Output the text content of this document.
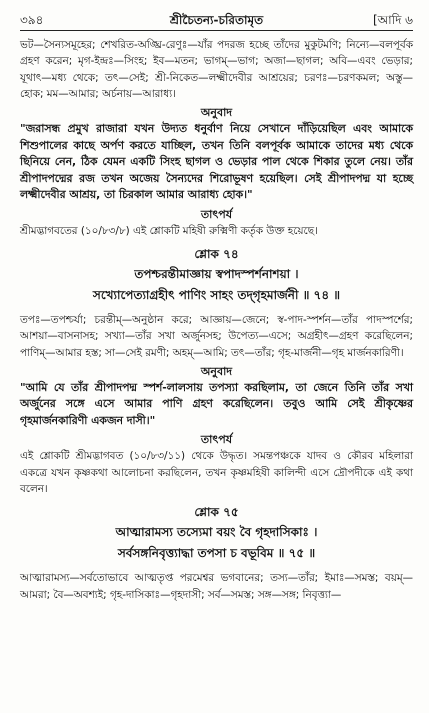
৩৯৪	শ্রীচৈতন্য-চরিতামৃত	[আদি ৬

ভট—সৈন্যসমূহের; শেখরিত-অঙ্ঘ্রি-রেণুঃ—যাঁর পদরজ হচ্ছে তাঁদের মুকুটমণি; নিন্যে—বলপূর্বক গ্রহণ করেন; মৃগ-ইন্দ্রঃ—সিংহ; ইব—মতন; ভাগম্—ভাগ; অজা—ছাগল; অবি—এবং ভেড়ার; যূথাৎ—মধ্য থেকে; তৎ—সেই; শ্রী-নিকেত—লক্ষ্মীদেবীর আশ্রয়ের; চরণঃ—চরণকমল; অস্তু—হোক; মম—আমার; অর্চনায়—আরাধ্য।

অনুবাদ

"জরাসন্ধ প্রমুখ রাজারা যখন উদ্যত ধনুর্বাণ নিয়ে সেখানে দাঁড়িয়েছিল এবং আমাকে শিশুপালের কাছে অর্পণ করতে যাচ্ছিল, তখন তিনি বলপূর্বক আমাকে তাদের মধ্য থেকে ছিনিয়ে নেন, ঠিক যেমন একটি সিংহ ছাগল ও ভেড়ার পাল থেকে শিকার তুলে নেয়। তাঁর শ্রীপাদপদ্মের রজ তখন অজেয় সৈন্যদের শিরোভূষণ হয়েছিল। সেই শ্রীপাদপদ্ম যা হচ্ছে লক্ষ্মীদেবীর আশ্রয়, তা চিরকাল আমার আরাধ্য হোক।"

তাৎপর্য

শ্রীমদ্ভাগবতের (১০/৮৩/৮) এই শ্লোকটি মহিষী রুক্মিণী কর্তৃক উক্ত হয়েছে।

শ্লোক ৭৪

তপশ্চরন্তীমাজ্ঞায় স্বপাদস্পর্শনাশয়া ।

সখ্যোপেত্যাগ্রহীৎ পাণিং সাহং তদ্‌গৃহমার্জনী ॥ ৭৪ ॥

তপঃ—তপশ্চর্যা; চরন্তীম্—অনুষ্ঠান করে; আজ্ঞায়—জেনে; স্ব-পাদ-স্পর্শন—তাঁর পাদস্পর্শের; আশয়া—বাসনাসহ; সখ্যা—তাঁর সখা অর্জুনসহ; উপেত্য—এসে; অগ্রহীৎ—গ্রহণ করেছিলেন; পাণিম্—আমার হস্ত; সা—সেই রমণী; অহম্—আমি; তৎ—তাঁর; গৃহ-মার্জনী—গৃহ মার্জনকারিণী।

অনুবাদ

"আমি যে তাঁর শ্রীপাদপদ্ম স্পর্শ-লালসায় তপস্যা করছিলাম, তা জেনে তিনি তাঁর সখা অর্জুনের সঙ্গে এসে আমার পাণি গ্রহণ করেছিলেন। তবুও আমি সেই শ্রীকৃষ্ণের গৃহমার্জনকারিণী একজন দাসী।"

তাৎপর্য

এই শ্লোকটি শ্রীমদ্ভাগবত (১০/৮৩/১১) থেকে উদ্ধৃত। সমন্তপঞ্চকে যাদব ও কৌরব মহিলারা একত্রে যখন কৃষ্ণকথা আলোচনা করছিলেন, তখন কৃষ্ণমহিষী কালিন্দী এসে দ্রৌপদীকে এই কথা বলেন।

শ্লোক ৭৫

আত্মারামস্য তস্যেমা বয়ং বৈ গৃহদাসিকাঃ ।

সর্বসঙ্গনিবৃত্ত্যাদ্ধা তপসা চ বভূবিম ॥ ৭৫ ॥

আত্মারামস্য—সর্বতোভাবে আত্মতৃপ্ত পরমেশ্বর ভগবানের; তস্য—তাঁর; ইমাঃ—সমস্ত; বয়ম্—আমরা; বৈ—অবশ্যই; গৃহ-দাসিকাঃ—গৃহদাসী; সর্ব—সমস্ত; সঙ্গ—সঙ্গ; নিবৃত্ত্যা—
